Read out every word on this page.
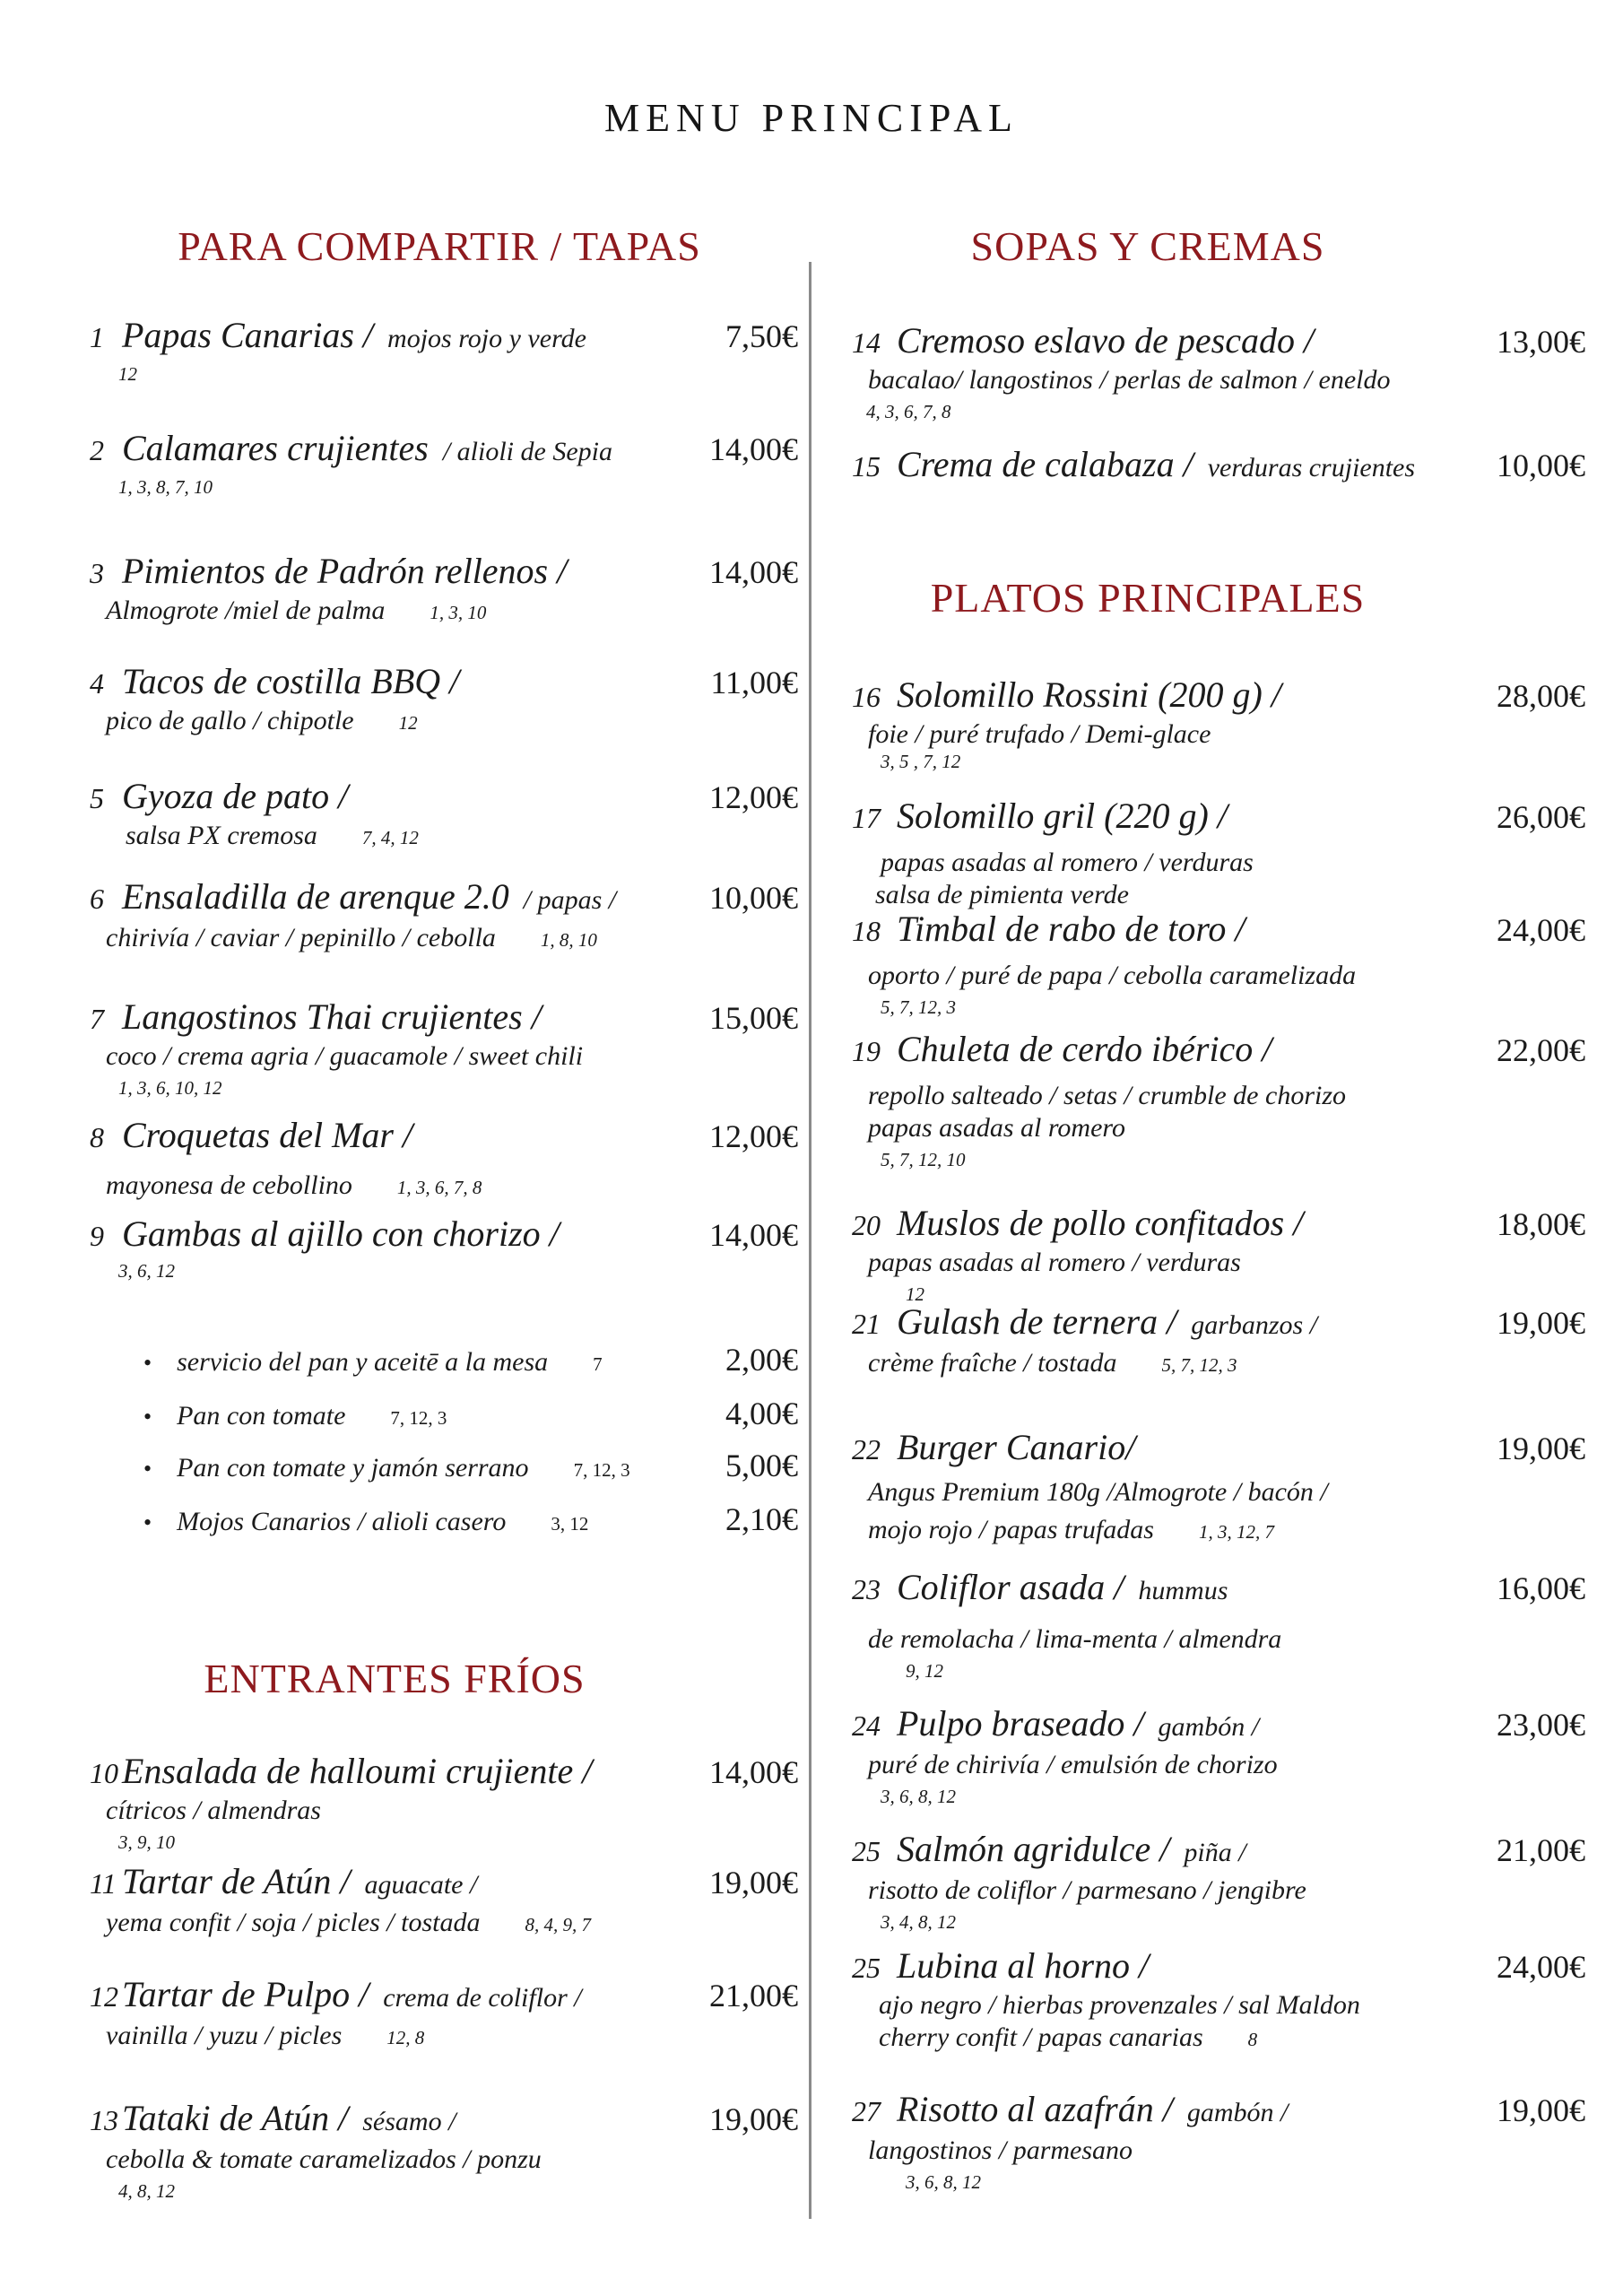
MENU PRINCIPAL
PARA COMPARTIR / TAPAS	SOPAS Y CREMAS
PLATOS PRINCIPALES
ENTRANTES FRÍOS
1 Papas Canarias / mojos rojo y verde	7,50€
12
2 Calamares crujientes / alioli de Sepia	14,00€
1, 3, 8, 7, 10
3 Pimientos de Padrón rellenos /	14,00€
Almogrote /miel de palma 1, 3, 10
4 Tacos de costilla BBQ /	11,00€
pico de gallo / chipotle 12
5 Gyoza de pato /	12,00€
salsa PX cremosa 7, 4, 12
6 Ensaladilla de arenque 2.0 / papas /	10,00€
chirivía / caviar / pepinillo / cebolla 1, 8, 10
7 Langostinos Thai crujientes /	15,00€
coco / crema agria / guacamole / sweet chili
1, 3, 6, 10, 12
8 Croquetas del Mar /	12,00€
mayonesa de cebollino 1, 3, 6, 7, 8
9 Gambas al ajillo con chorizo /	14,00€
3, 6, 12
• servicio del pan y aceitē a la mesa 7	2,00€
• Pan con tomate 7, 12, 3	4,00€
• Pan con tomate y jamón serrano 7, 12, 3	5,00€
• Mojos Canarios / alioli casero 3, 12	2,10€
10 Ensalada de halloumi crujiente /	14,00€
cítricos / almendras
3, 9, 10
11 Tartar de Atún / aguacate /	19,00€
yema confit / soja / picles / tostada 8, 4, 9, 7
12 Tartar de Pulpo / crema de coliflor /	21,00€
vainilla / yuzu / picles 12, 8
13 Tataki de Atún / sésamo /	19,00€
cebolla & tomate caramelizados / ponzu
4, 8, 12
14 Cremoso eslavo de pescado /	13,00€
bacalao/ langostinos / perlas de salmon / eneldo
4, 3, 6, 7, 8
15 Crema de calabaza / verduras crujientes	10,00€
16 Solomillo Rossini (200 g) /	28,00€
foie / puré trufado / Demi-glace
3, 5 , 7, 12
17 Solomillo gril (220 g) /	26,00€
papas asadas al romero / verduras
salsa de pimienta verde
18 Timbal de rabo de toro /	24,00€
oporto / puré de papa / cebolla caramelizada
5, 7, 12, 3
19 Chuleta de cerdo ibérico /	22,00€
repollo salteado / setas / crumble de chorizo
papas asadas al romero
5, 7, 12, 10
20 Muslos de pollo confitados /	18,00€
papas asadas al romero / verduras
12
21 Gulash de ternera / garbanzos /	19,00€
crème fraîche / tostada 5, 7, 12, 3
22 Burger Canario/	19,00€
Angus Premium 180g /Almogrote / bacón /
mojo rojo / papas trufadas 1, 3, 12, 7
23 Coliflor asada / hummus	16,00€
de remolacha / lima-menta / almendra
9, 12
24 Pulpo braseado / gambón /	23,00€
puré de chirivía / emulsión de chorizo
3, 6, 8, 12
25 Salmón agridulce / piña /	21,00€
risotto de coliflor / parmesano / jengibre
3, 4, 8, 12
25 Lubina al horno /	24,00€
ajo negro / hierbas provenzales / sal Maldon
cherry confit / papas canarias 8
27 Risotto al azafrán / gambón /	19,00€
langostinos / parmesano
3, 6, 8, 12
